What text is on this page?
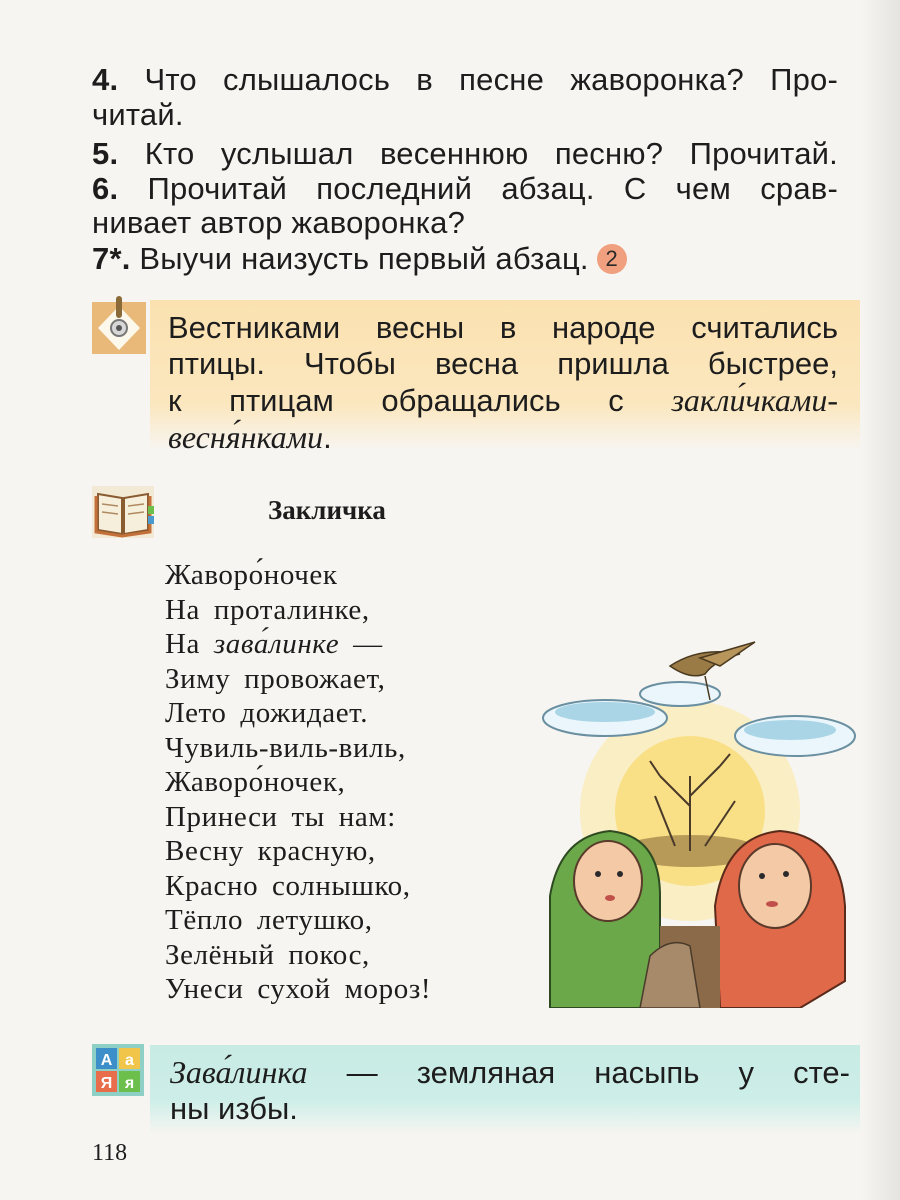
4. Что слышалось в песне жаворонка? Про-
читай.
5. Кто услышал весеннюю песню? Прочитай.
6. Прочитай последний абзац. С чем срав-
нивает автор жаворонка?
7*. Выучи наизусть первый абзац. 2
Вестниками весны в народе считались
птицы. Чтобы весна пришла быстрее,
к птицам обращались с закли́чками-
весня́нками.
Закличка
Жаворо́ночек
На проталинке,
На зава́линке —
Зиму провожает,
Лето дожидает.
Чувиль-виль-виль,
Жаворо́ночек,
Принеси ты нам:
Весну красную,
Красно солнышко,
Тёпло летушко,
Зелёный покос,
Унеси сухой мороз!
А а
Я я Зава́линка — земляная насыпь у сте-
ны избы.
118
